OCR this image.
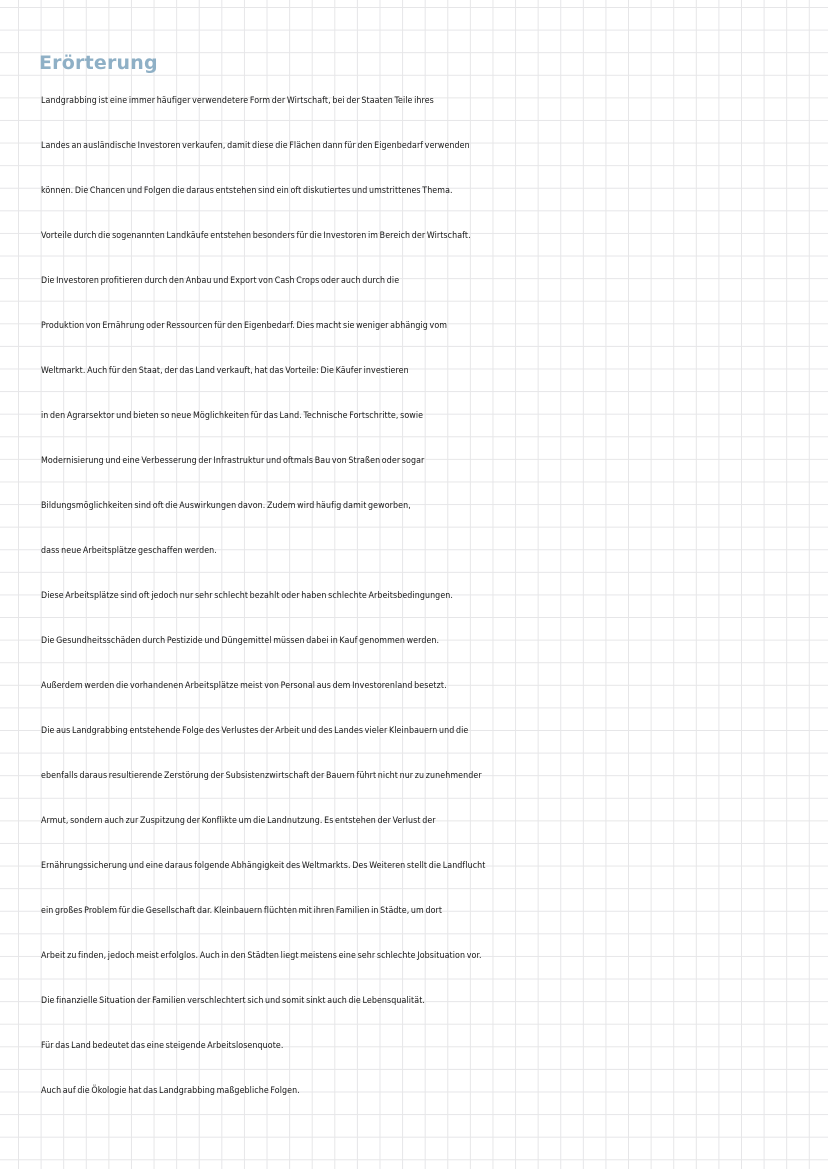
Erörterung
Landgrabbing ist eine immer häufiger verwendetere Form der Wirtschaft, bei der Staaten Teile ihres
Landes an ausländische Investoren verkaufen, damit diese die Flächen dann für den Eigenbedarf verwenden
können. Die Chancen und Folgen die daraus entstehen sind ein oft diskutiertes und umstrittenes Thema.
Vorteile durch die sogenannten Landkäufe entstehen besonders für die Investoren im Bereich der Wirtschaft.
Die Investoren profitieren durch den Anbau und Export von Cash Crops oder auch durch die
Produktion von Ernährung oder Ressourcen für den Eigenbedarf. Dies macht sie weniger abhängig vom
Weltmarkt. Auch für den Staat, der das Land verkauft, hat das Vorteile: Die Käufer investieren
in den Agrarsektor und bieten so neue Möglichkeiten für das Land. Technische Fortschritte, sowie
Modernisierung und eine Verbesserung der Infrastruktur und oftmals Bau von Straßen oder sogar
Bildungsmöglichkeiten sind oft die Auswirkungen davon. Zudem wird häufig damit geworben,
dass neue Arbeitsplätze geschaffen werden.
Diese Arbeitsplätze sind oft jedoch nur sehr schlecht bezahlt oder haben schlechte Arbeitsbedingungen.
Die Gesundheitsschäden durch Pestizide und Düngemittel müssen dabei in Kauf genommen werden.
Außerdem werden die vorhandenen Arbeitsplätze meist von Personal aus dem Investorenland besetzt.
Die aus Landgrabbing entstehende Folge des Verlustes der Arbeit und des Landes vieler Kleinbauern und die
ebenfalls daraus resultierende Zerstörung der Subsistenzwirtschaft der Bauern führt nicht nur zu zunehmender
Armut, sondern auch zur Zuspitzung der Konflikte um die Landnutzung. Es entstehen der Verlust der
Ernährungssicherung und eine daraus folgende Abhängigkeit des Weltmarkts. Des Weiteren stellt die Landflucht
ein großes Problem für die Gesellschaft dar. Kleinbauern flüchten mit ihren Familien in Städte, um dort
Arbeit zu finden, jedoch meist erfolglos. Auch in den Städten liegt meistens eine sehr schlechte Jobsituation vor.
Die finanzielle Situation der Familien verschlechtert sich und somit sinkt auch die Lebensqualität.
Für das Land bedeutet das eine steigende Arbeitslosenquote.
Auch auf die Ökologie hat das Landgrabbing maßgebliche Folgen.
